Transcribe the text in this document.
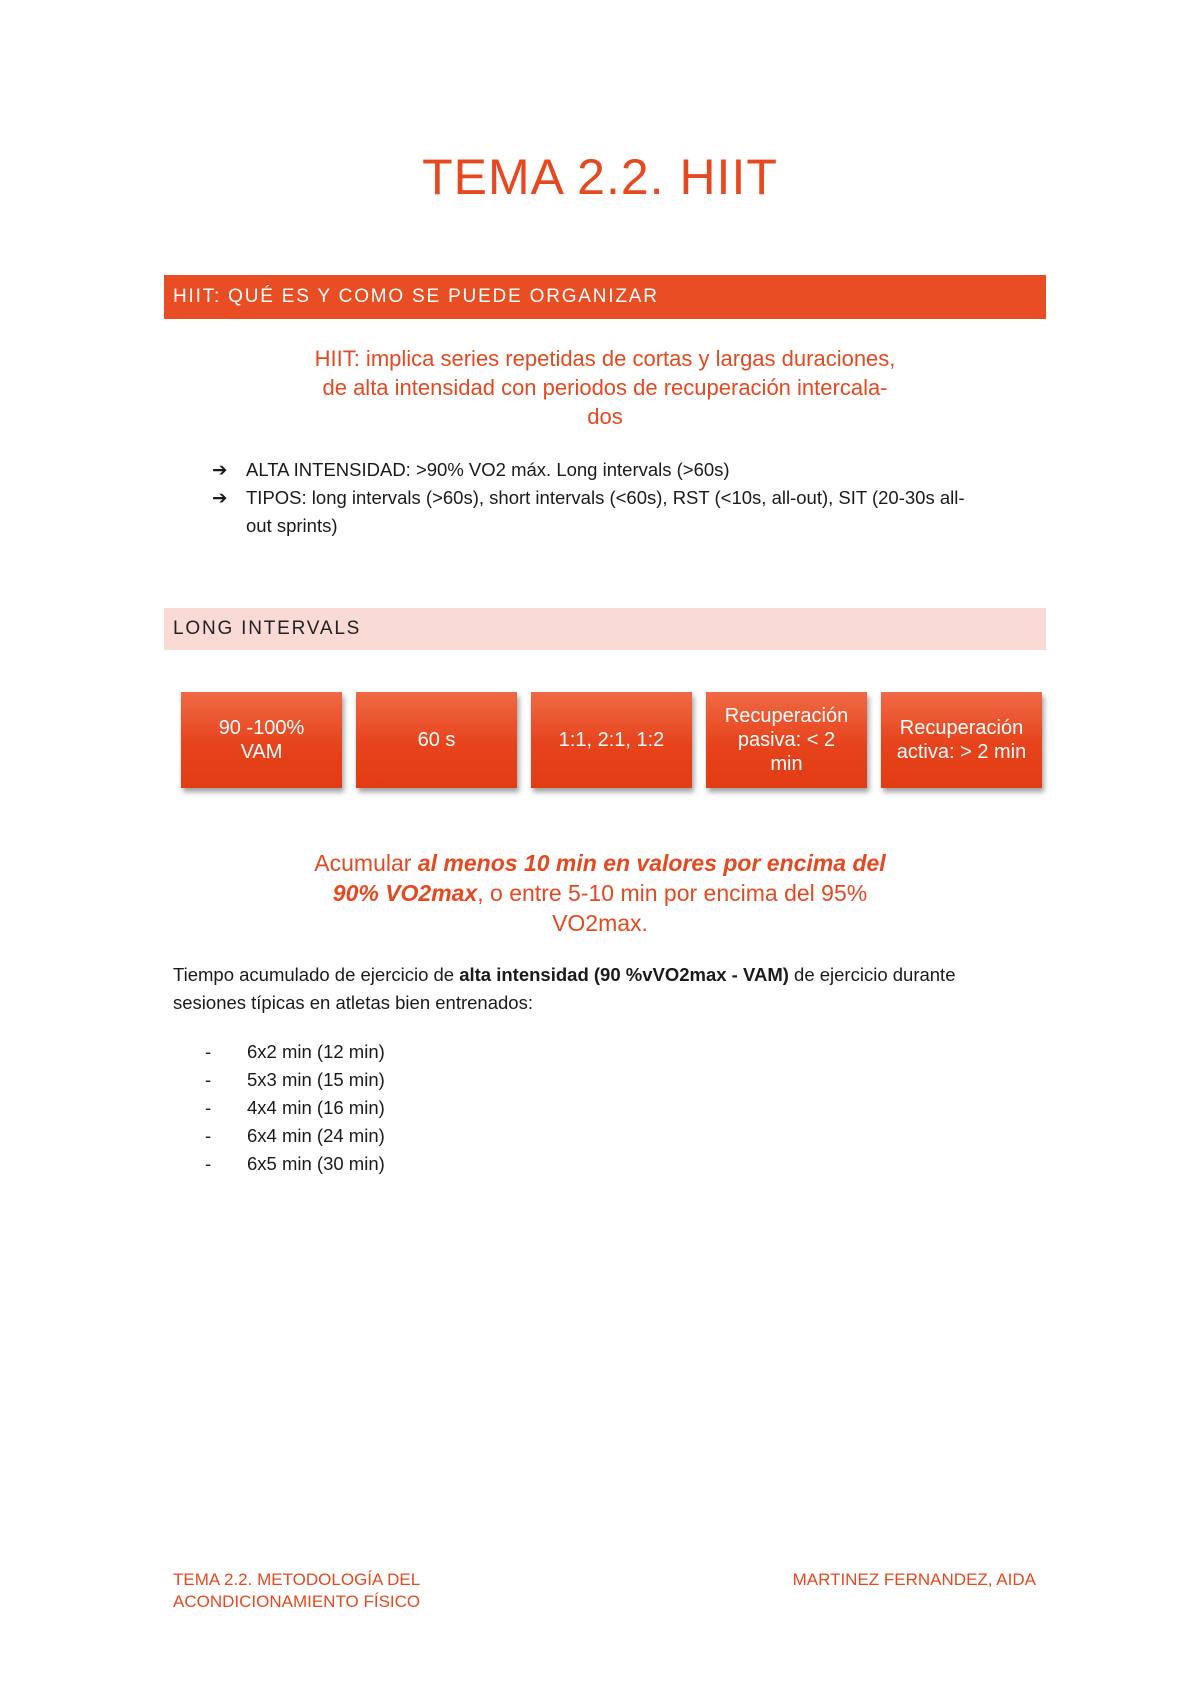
TEMA 2.2. HIIT
HIIT: QUÉ ES Y COMO SE PUEDE ORGANIZAR
HIIT: implica series repetidas de cortas y largas duraciones,
de alta intensidad con periodos de recuperación intercala-
dos
➔ ALTA INTENSIDAD: >90% VO2 máx. Long intervals (>60s)
➔ TIPOS: long intervals (>60s), short intervals (<60s), RST (<10s, all-out), SIT (20-30s all-
out sprints)
LONG INTERVALS
90 -100%
VAM
60 s	1:1, 2:1, 1:2
Recuperación
pasiva: < 2
min
Recuperación
activa: > 2 min
Acumular al menos 10 min en valores por encima del
90% VO2max, o entre 5-10 min por encima del 95%
VO2max.
Tiempo acumulado de ejercicio de alta intensidad (90 %vVO2max - VAM) de ejercicio durante
sesiones típicas en atletas bien entrenados:
- 6x2 min (12 min)
- 5x3 min (15 min)
- 4x4 min (16 min)
- 6x4 min (24 min)
- 6x5 min (30 min)
TEMA 2.2. METODOLOGÍA DEL
ACONDICIONAMIENTO FÍSICO
MARTINEZ FERNANDEZ, AIDA
